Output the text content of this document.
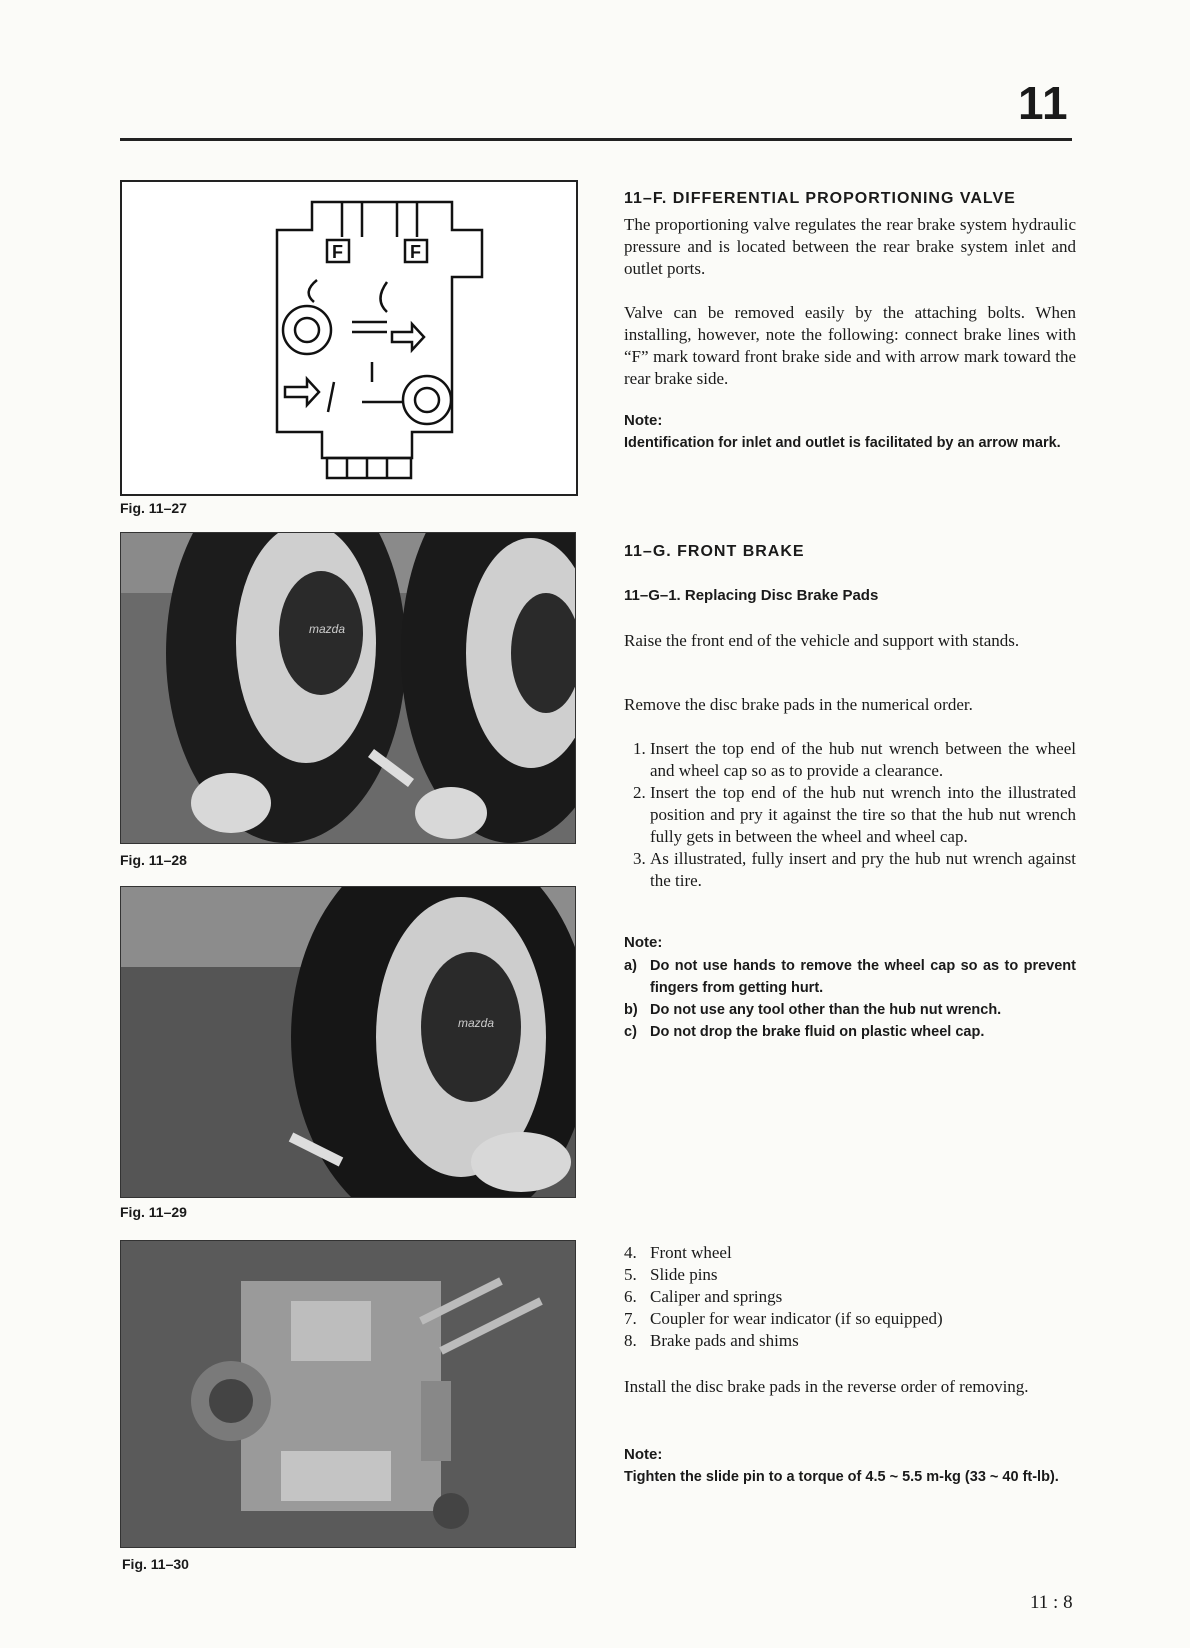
11
F	F
Fig. 11–27
mazda
Fig. 11–28
mazda
Fig. 11–29
Fig. 11–30
11–F. DIFFERENTIAL PROPORTIONING VALVE
The proportioning valve regulates the rear brake system hydraulic pressure and is located between the rear brake system inlet and outlet ports.
Valve can be removed easily by the attaching bolts. When installing, however, note the following: connect brake lines with “F” mark toward front brake side and with arrow mark toward the rear brake side.
Note:
Identification for inlet and outlet is facilitated by an arrow mark.
11–G. FRONT BRAKE
11–G–1. Replacing Disc Brake Pads
Raise the front end of the vehicle and support with stands.
Remove the disc brake pads in the numerical order.
1. Insert the top end of the hub nut wrench between the wheel and wheel cap so as to provide a clearance.
2. Insert the top end of the hub nut wrench into the illustrated position and pry it against the tire so that the hub nut wrench fully gets in between the wheel and wheel cap.
3. As illustrated, fully insert and pry the hub nut wrench against the tire.
Note:
a) Do not use hands to remove the wheel cap so as to prevent fingers from getting hurt.
b) Do not use any tool other than the hub nut wrench.
c) Do not drop the brake fluid on plastic wheel cap.
4. Front wheel
5. Slide pins
6. Caliper and springs
7. Coupler for wear indicator (if so equipped)
8. Brake pads and shims
Install the disc brake pads in the reverse order of removing.
Note:
Tighten the slide pin to a torque of 4.5 ~ 5.5 m-kg (33 ~ 40 ft-lb).
11 : 8
